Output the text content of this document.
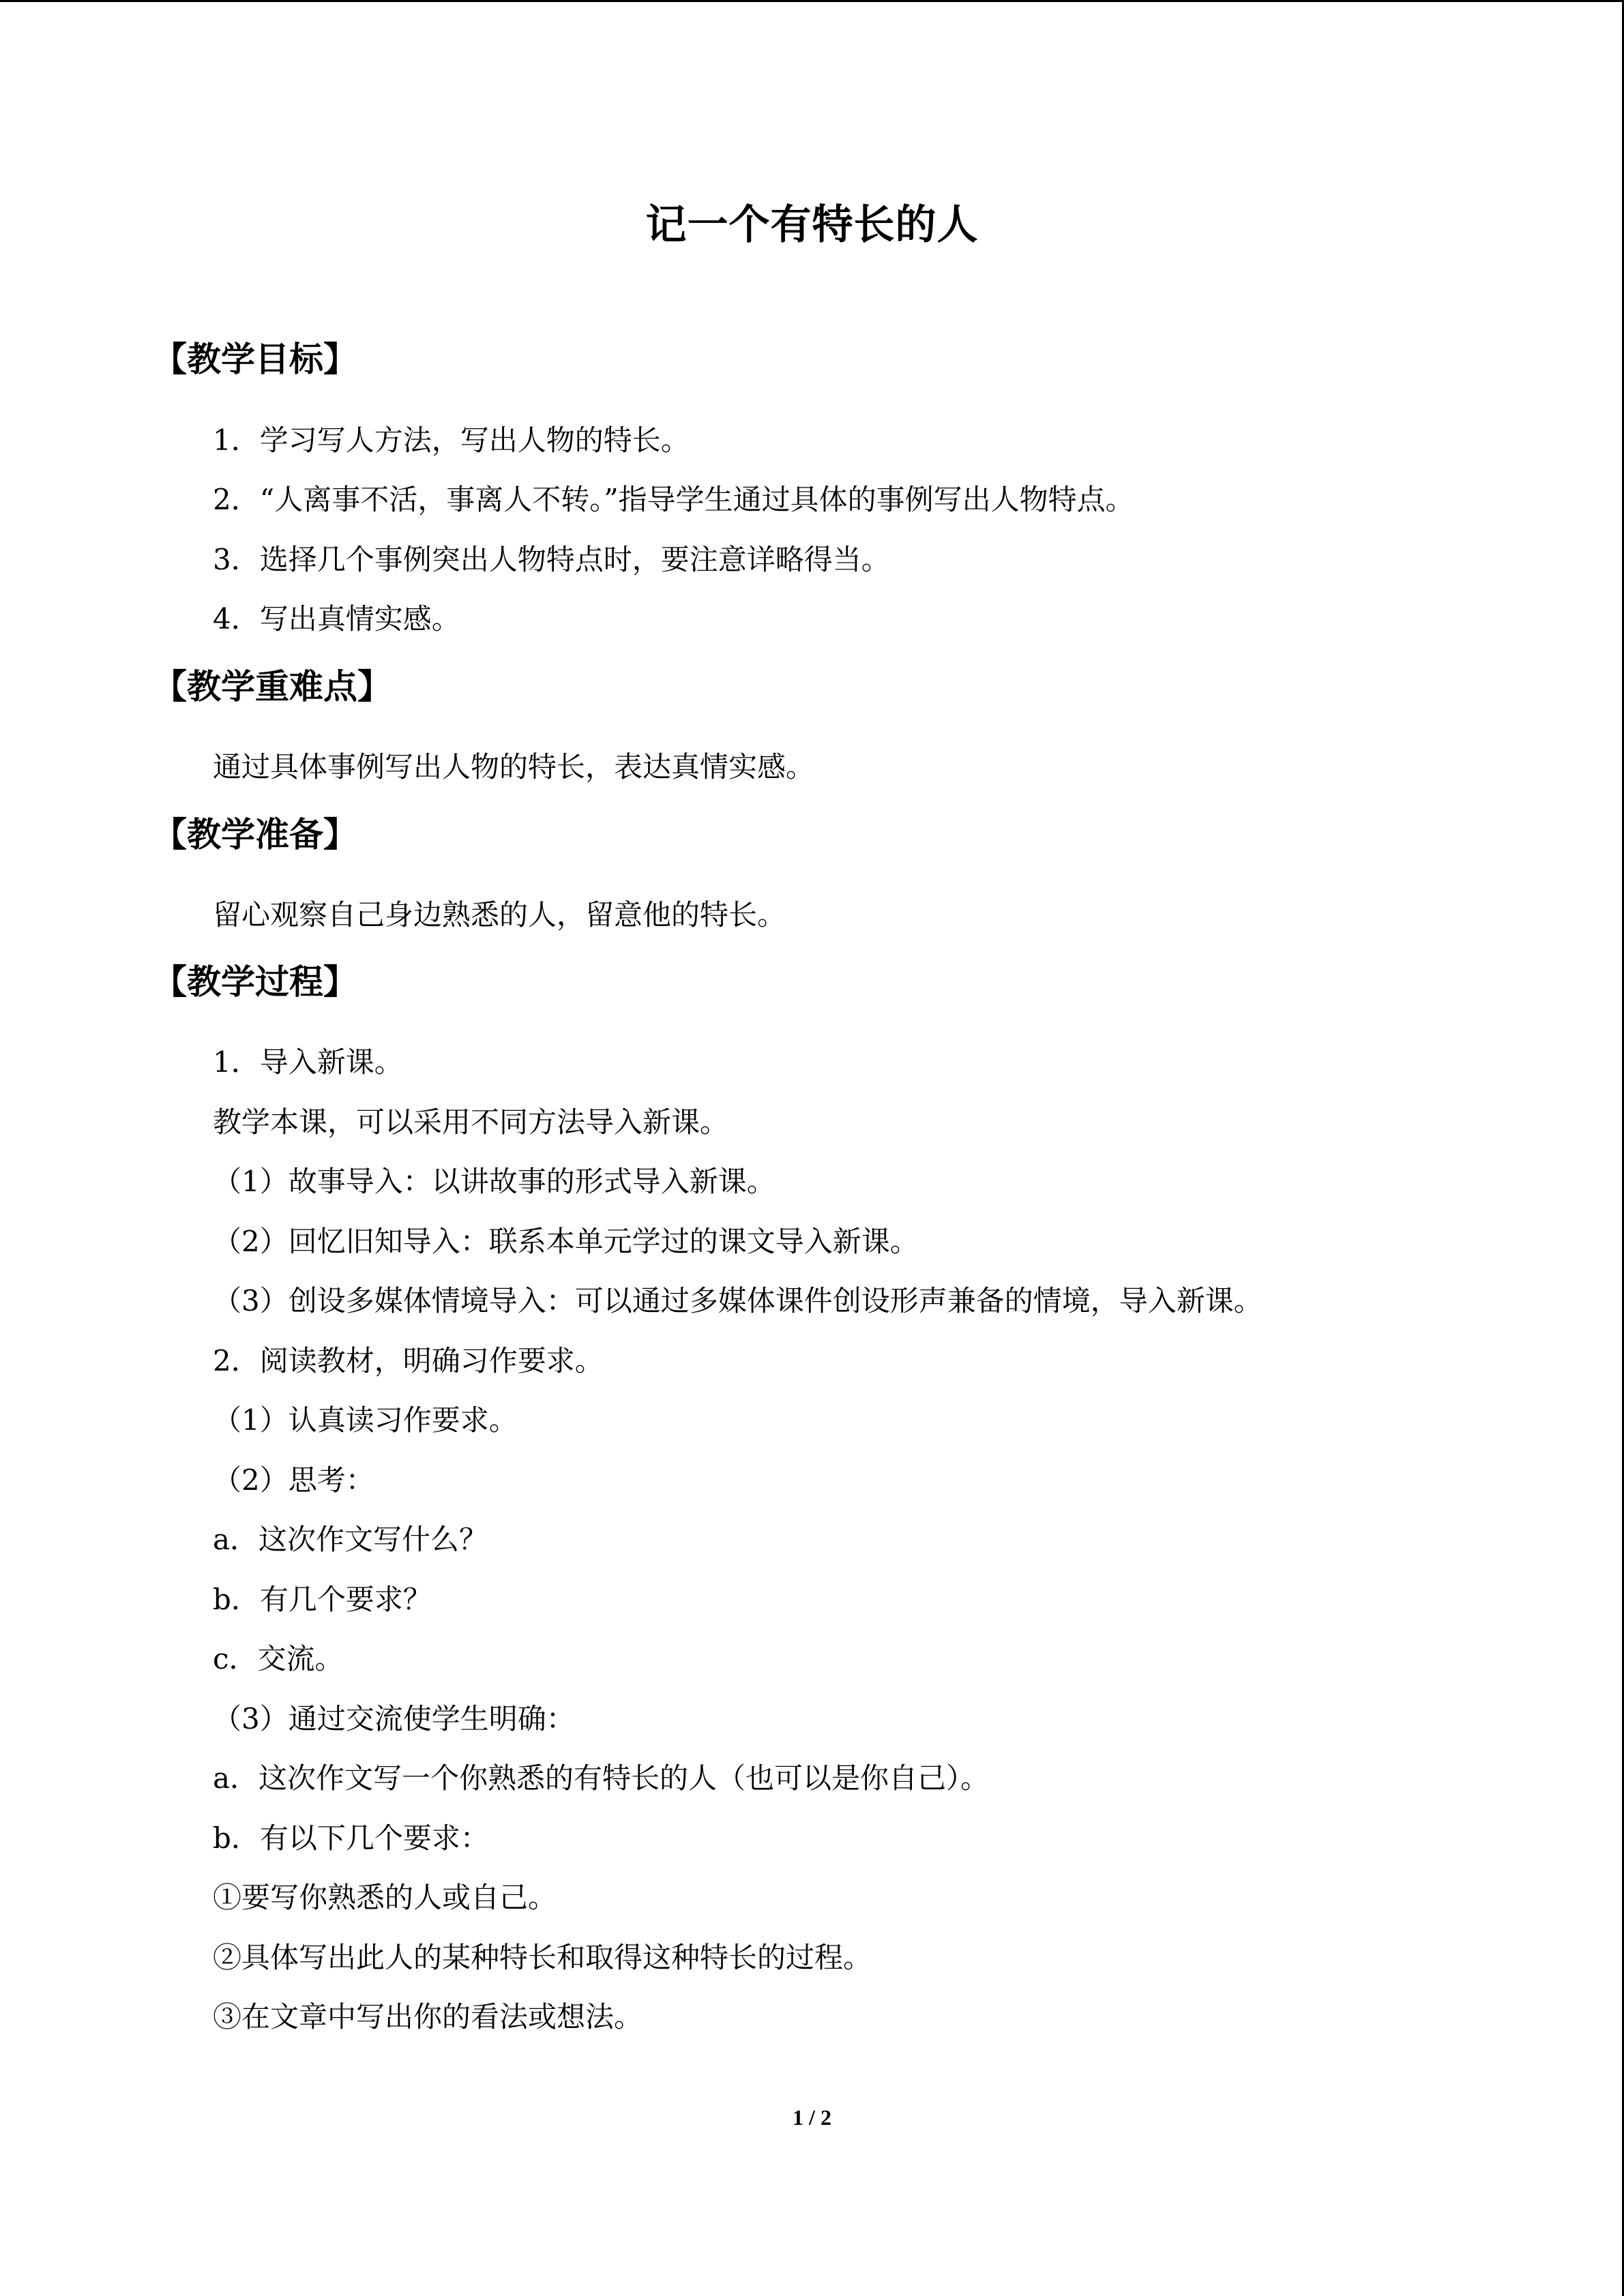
记一个有特长的人
【教学目标】
1．学习写人方法，写出人物的特长。
2．“人离事不活，事离人不转。”指导学生通过具体的事例写出人物特点。
3．选择几个事例突出人物特点时，要注意详略得当。
4．写出真情实感。
【教学重难点】
通过具体事例写出人物的特长，表达真情实感。
【教学准备】
留心观察自己身边熟悉的人，留意他的特长。
【教学过程】
1．导入新课。
教学本课，可以采用不同方法导入新课。
（1）故事导入：以讲故事的形式导入新课。
（2）回忆旧知导入：联系本单元学过的课文导入新课。
（3）创设多媒体情境导入：可以通过多媒体课件创设形声兼备的情境，导入新课。
2．阅读教材，明确习作要求。
（1）认真读习作要求。
（2）思考：
a．这次作文写什么？
b．有几个要求？
c．交流。
（3）通过交流使学生明确：
a．这次作文写一个你熟悉的有特长的人（也可以是你自己）。
b．有以下几个要求：
①要写你熟悉的人或自己。
②具体写出此人的某种特长和取得这种特长的过程。
③在文章中写出你的看法或想法。
1 / 2
